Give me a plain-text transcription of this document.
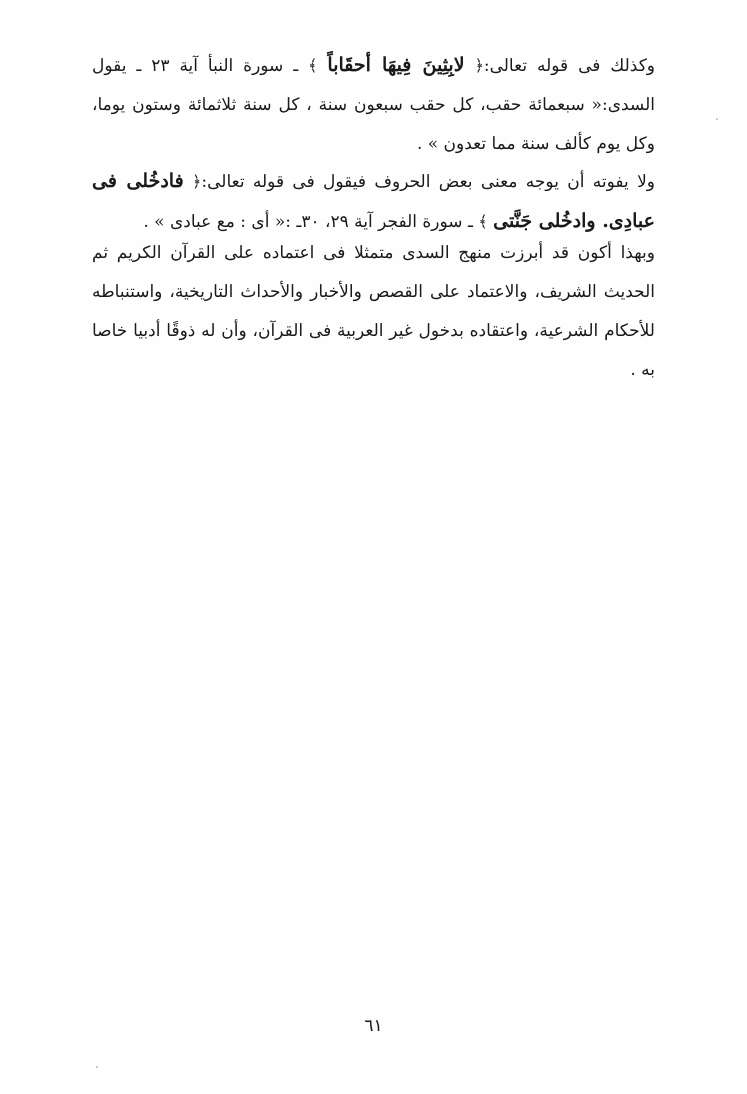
وكذلك فى قوله تعالى:﴿ لابِثِينَ فِيهَا أحقَاباً ﴾ ـ سورة النبأ آية ٢٣ ـ يقول السدى:« سبعمائة حقب، كل حقب سبعون سنة ، كل سنة ثلاثمائة وستون يوما، وكل يوم كألف سنة مما تعدون » .
ولا يفوته أن يوجه معنى بعض الحروف فيقول فى قوله تعالى:﴿ فادخُلى فى عبادِى. وادخُلى جَنَّتى ﴾ ـ سورة الفجر آية ٢٩، ٣٠ـ :« أى : مع عبادى » .
وبهذا أكون قد أبرزت منهج السدى متمثلا فى اعتماده على القرآن الكريم ثم الحديث الشريف، والاعتماد على القصص والأخبار والأحداث التاريخية، واستنباطه للأحكام الشرعية، واعتقاده بدخول غير العربية فى القرآن، وأن له ذوقًا أدبيا خاصا به .
٦١
